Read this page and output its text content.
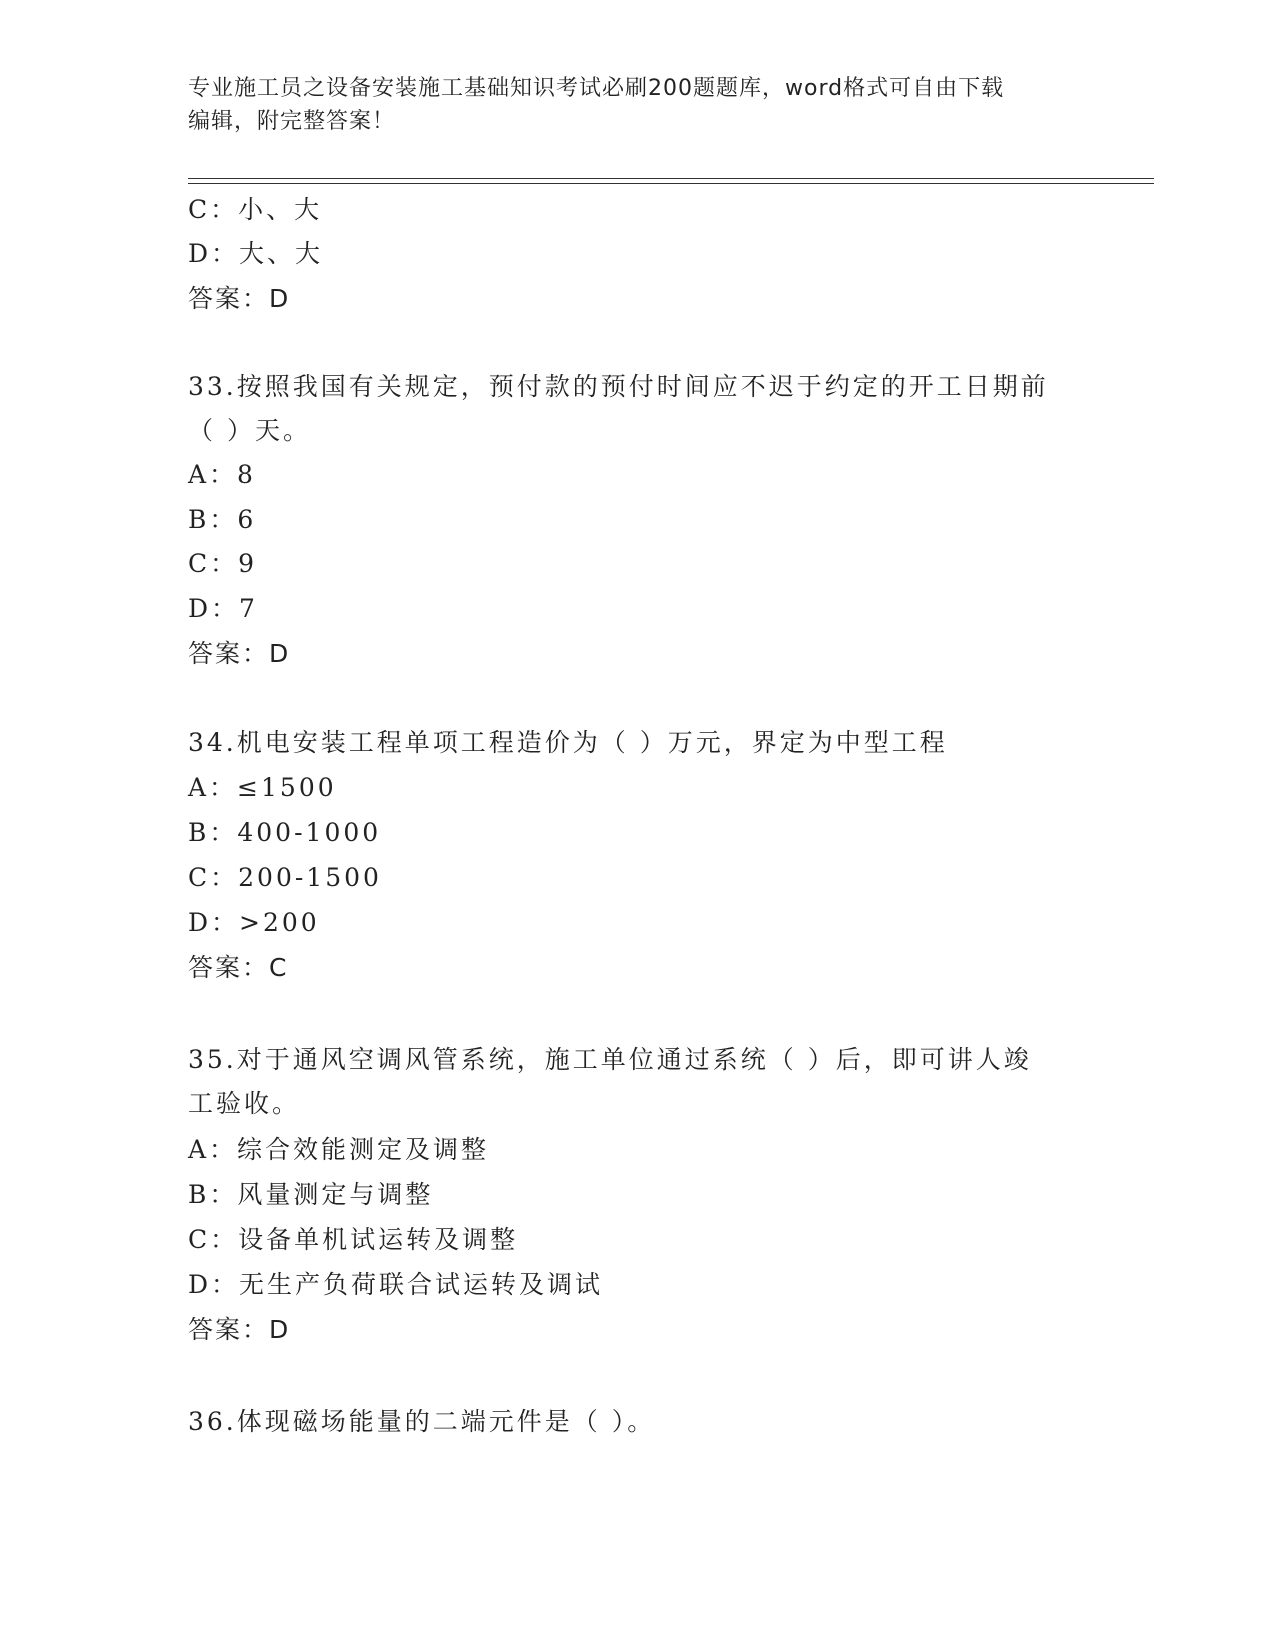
专业施工员之设备安装施工基础知识考试必刷200题题库，word格式可自由下载
编辑，附完整答案！
C：小、大
D：大、大
答案：D
33.按照我国有关规定，预付款的预付时间应不迟于约定的开工日期前
（ ）天。
A：8
B：6
C：9
D：7
答案：D
34.机电安装工程单项工程造价为（ ）万元，界定为中型工程
A：≤1500
B：400-1000
C：200-1500
D：>200
答案：C
35.对于通风空调风管系统，施工单位通过系统（ ）后，即可讲人竣
工验收。
A：综合效能测定及调整
B：风量测定与调整
C：设备单机试运转及调整
D：无生产负荷联合试运转及调试
答案：D
36.体现磁场能量的二端元件是（ ）。
